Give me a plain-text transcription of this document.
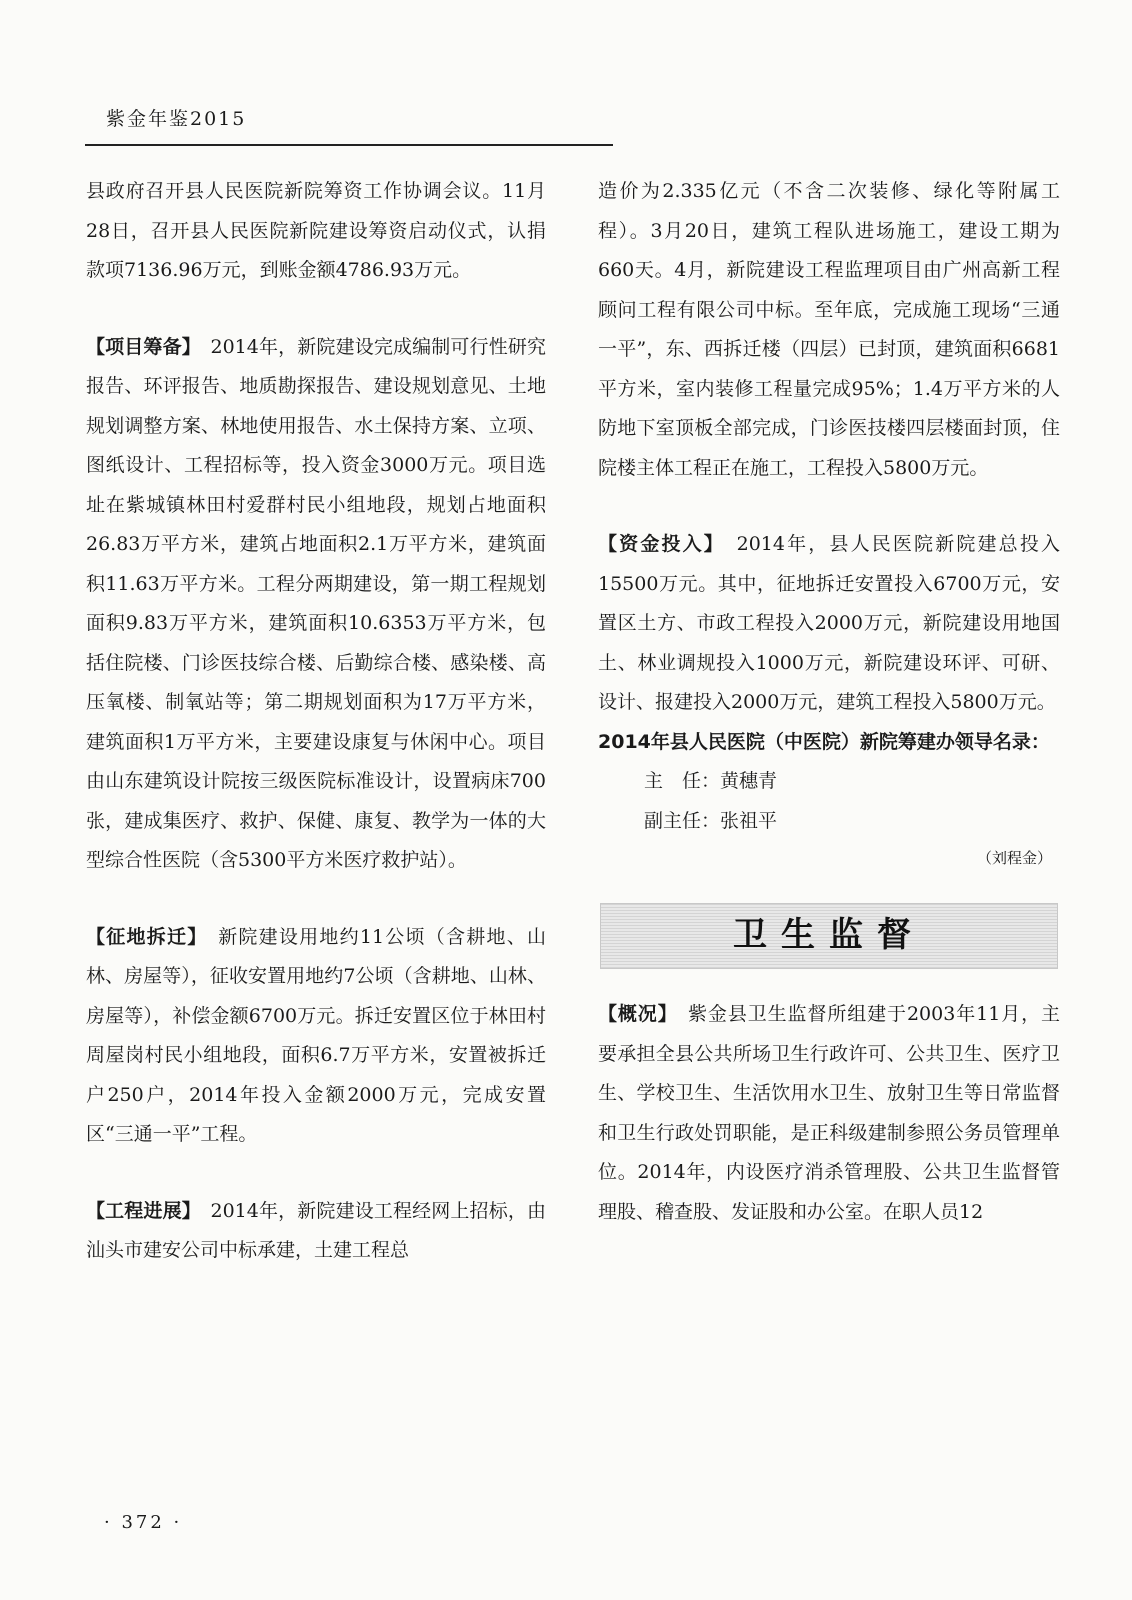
紫金年鉴2015

县政府召开县人民医院新院筹资工作协调会议。11月28日，召开县人民医院新院建设筹资启动仪式，认捐款项7136.96万元，到账金额4786.93万元。

【项目筹备】　2014年，新院建设完成编制可行性研究报告、环评报告、地质勘探报告、建设规划意见、土地规划调整方案、林地使用报告、水土保持方案、立项、图纸设计、工程招标等，投入资金3000万元。项目选址在紫城镇林田村爱群村民小组地段，规划占地面积26.83万平方米，建筑占地面积2.1万平方米，建筑面积11.63万平方米。工程分两期建设，第一期工程规划面积9.83万平方米，建筑面积10.6353万平方米，包括住院楼、门诊医技综合楼、后勤综合楼、感染楼、高压氧楼、制氧站等；第二期规划面积为17万平方米，建筑面积1万平方米，主要建设康复与休闲中心。项目由山东建筑设计院按三级医院标准设计，设置病床700张，建成集医疗、救护、保健、康复、教学为一体的大型综合性医院（含5300平方米医疗救护站）。

【征地拆迁】　新院建设用地约11公顷（含耕地、山林、房屋等），征收安置用地约7公顷（含耕地、山林、房屋等），补偿金额6700万元。拆迁安置区位于林田村周屋岗村民小组地段，面积6.7万平方米，安置被拆迁户250户，2014年投入金额2000万元，完成安置区“三通一平”工程。

【工程进展】　2014年，新院建设工程经网上招标，由汕头市建安公司中标承建，土建工程总

造价为2.335亿元（不含二次装修、绿化等附属工程）。3月20日，建筑工程队进场施工，建设工期为660天。4月，新院建设工程监理项目由广州高新工程顾问工程有限公司中标。至年底，完成施工现场“三通一平”，东、西拆迁楼（四层）已封顶，建筑面积6681平方米，室内装修工程量完成95%；1.4万平方米的人防地下室顶板全部完成，门诊医技楼四层楼面封顶，住院楼主体工程正在施工，工程投入5800万元。

【资金投入】　2014年，县人民医院新院建总投入15500万元。其中，征地拆迁安置投入6700万元，安置区土方、市政工程投入2000万元，新院建设用地国土、林业调规投入1000万元，新院建设环评、可研、设计、报建投入2000万元，建筑工程投入5800万元。

2014年县人民医院（中医院）新院筹建办领导名录：

主　任：黄穗青

副主任：张祖平

（刘程金）

卫生监督

【概况】　紫金县卫生监督所组建于2003年11月，主要承担全县公共所场卫生行政许可、公共卫生、医疗卫生、学校卫生、生活饮用水卫生、放射卫生等日常监督和卫生行政处罚职能，是正科级建制参照公务员管理单位。2014年，内设医疗消杀管理股、公共卫生监督管理股、稽查股、发证股和办公室。在职人员12

· 372 ·
